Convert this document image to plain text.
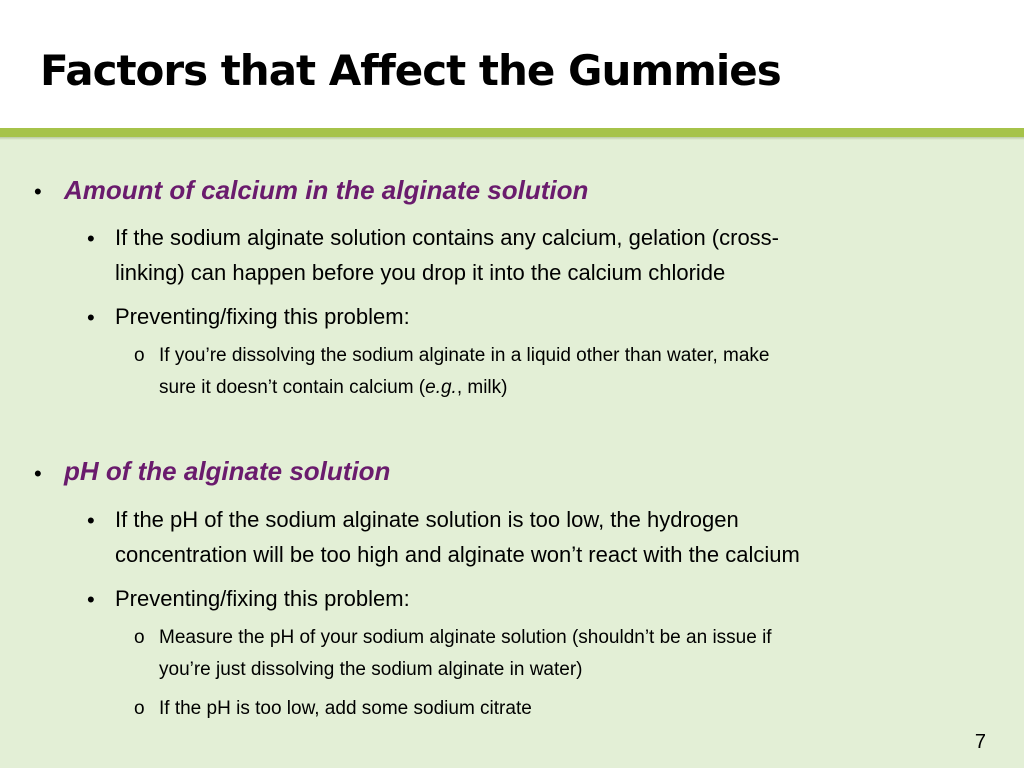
Factors that Affect the Gummies
• Amount of calcium in the alginate solution
• If the sodium alginate solution contains any calcium, gelation (cross-
linking) can happen before you drop it into the calcium chloride
• Preventing/fixing this problem:
o If you’re dissolving the sodium alginate in a liquid other than water, make
sure it doesn’t contain calcium (e.g., milk)
• pH of the alginate solution
• If the pH of the sodium alginate solution is too low, the hydrogen
concentration will be too high and alginate won’t react with the calcium
• Preventing/fixing this problem:
o Measure the pH of your sodium alginate solution (shouldn’t be an issue if
you’re just dissolving the sodium alginate in water)
o If the pH is too low, add some sodium citrate
7
